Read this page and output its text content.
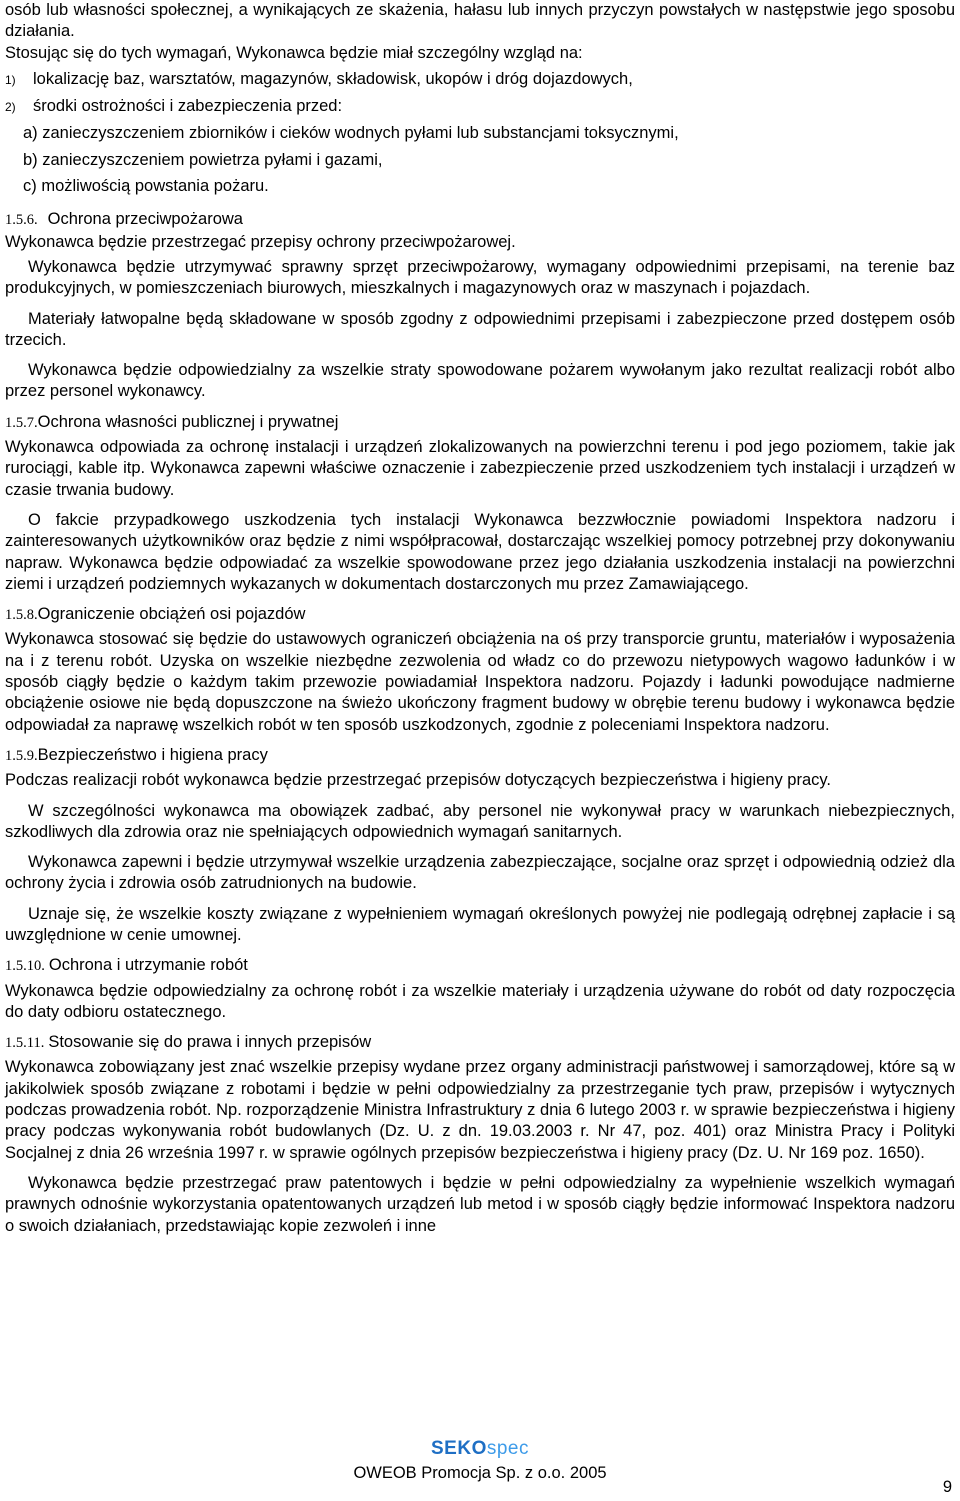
osób lub własności społecznej, a wynikających ze skażenia, hałasu lub innych przyczyn powstałych w następstwie jego sposobu działania.

Stosując się do tych wymagań, Wykonawca będzie miał szczególny wzgląd na:

1) lokalizację baz, warsztatów, magazynów, składowisk, ukopów i dróg dojazdowych,

2) środki ostrożności i zabezpieczenia przed:

a) zanieczyszczeniem zbiorników i cieków wodnych pyłami lub substancjami toksycznymi,

b) zanieczyszczeniem powietrza pyłami i gazami,

c) możliwością powstania pożaru.

1.5.6. Ochrona przeciwpożarowa

Wykonawca będzie przestrzegać przepisy ochrony przeciwpożarowej.

Wykonawca będzie utrzymywać sprawny sprzęt przeciwpożarowy, wymagany odpowiednimi przepisami, na terenie baz produkcyjnych, w pomieszczeniach biurowych, mieszkalnych i magazynowych oraz w maszynach i pojazdach.

Materiały łatwopalne będą składowane w sposób zgodny z odpowiednimi przepisami i zabezpieczone przed dostępem osób trzecich.

Wykonawca będzie odpowiedzialny za wszelkie straty spowodowane pożarem wywołanym jako rezultat realizacji robót albo przez personel wykonawcy.

1.5.7.Ochrona własności publicznej i prywatnej

Wykonawca odpowiada za ochronę instalacji i urządzeń zlokalizowanych na powierzchni terenu i pod jego poziomem, takie jak rurociągi, kable itp. Wykonawca zapewni właściwe oznaczenie i zabezpieczenie przed uszkodzeniem tych instalacji i urządzeń w czasie trwania budowy.

O fakcie przypadkowego uszkodzenia tych instalacji Wykonawca bezzwłocznie powiadomi Inspektora nadzoru i zainteresowanych użytkowników oraz będzie z nimi współpracował, dostarczając wszelkiej pomocy potrzebnej przy dokonywaniu napraw. Wykonawca będzie odpowiadać za wszelkie spowodowane przez jego działania uszkodzenia instalacji na powierzchni ziemi i urządzeń podziemnych wykazanych w dokumentach dostarczonych mu przez Zamawiającego.

1.5.8.Ograniczenie obciążeń osi pojazdów

Wykonawca stosować się będzie do ustawowych ograniczeń obciążenia na oś przy transporcie gruntu, materiałów i wyposażenia na i z terenu robót. Uzyska on wszelkie niezbędne zezwolenia od władz co do przewozu nietypowych wagowo ładunków i w sposób ciągły będzie o każdym takim przewozie powiadamiał Inspektora nadzoru. Pojazdy i ładunki powodujące nadmierne obciążenie osiowe nie będą dopuszczone na świeżo ukończony fragment budowy w obrębie terenu budowy i wykonawca będzie odpowiadał za naprawę wszelkich robót w ten sposób uszkodzonych, zgodnie z poleceniami Inspektora nadzoru.

1.5.9.Bezpieczeństwo i higiena pracy

Podczas realizacji robót wykonawca będzie przestrzegać przepisów dotyczących bezpieczeństwa i higieny pracy.

W szczególności wykonawca ma obowiązek zadbać, aby personel nie wykonywał pracy w warunkach niebezpiecznych, szkodliwych dla zdrowia oraz nie spełniających odpowiednich wymagań sanitarnych.

Wykonawca zapewni i będzie utrzymywał wszelkie urządzenia zabezpieczające, socjalne oraz sprzęt i odpowiednią odzież dla ochrony życia i zdrowia osób zatrudnionych na budowie.

Uznaje się, że wszelkie koszty związane z wypełnieniem wymagań określonych powyżej nie podlegają odrębnej zapłacie i są uwzględnione w cenie umownej.

1.5.10. Ochrona i utrzymanie robót

Wykonawca będzie odpowiedzialny za ochronę robót i za wszelkie materiały i urządzenia używane do robót od daty rozpoczęcia do daty odbioru ostatecznego.

1.5.11. Stosowanie się do prawa i innych przepisów

Wykonawca zobowiązany jest znać wszelkie przepisy wydane przez organy administracji państwowej i samorządowej, które są w jakikolwiek sposób związane z robotami i będzie w pełni odpowiedzialny za przestrzeganie tych praw, przepisów i wytycznych podczas prowadzenia robót. Np. rozporządzenie Ministra Infrastruktury z dnia 6 lutego 2003 r. w sprawie bezpieczeństwa i higieny pracy podczas wykonywania robót budowlanych (Dz. U. z dn. 19.03.2003 r. Nr 47, poz. 401) oraz Ministra Pracy i Polityki Socjalnej z dnia 26 września 1997 r. w sprawie ogólnych przepisów bezpieczeństwa i higieny pracy (Dz. U. Nr 169 poz. 1650).

Wykonawca będzie przestrzegać praw patentowych i będzie w pełni odpowiedzialny za wypełnienie wszelkich wymagań prawnych odnośnie wykorzystania opatentowanych urządzeń lub metod i w sposób ciągły będzie informować Inspektora nadzoru o swoich działaniach, przedstawiając kopie zezwoleń i inne

SEKOspec
OWEOB Promocja Sp. z o.o. 2005
9
